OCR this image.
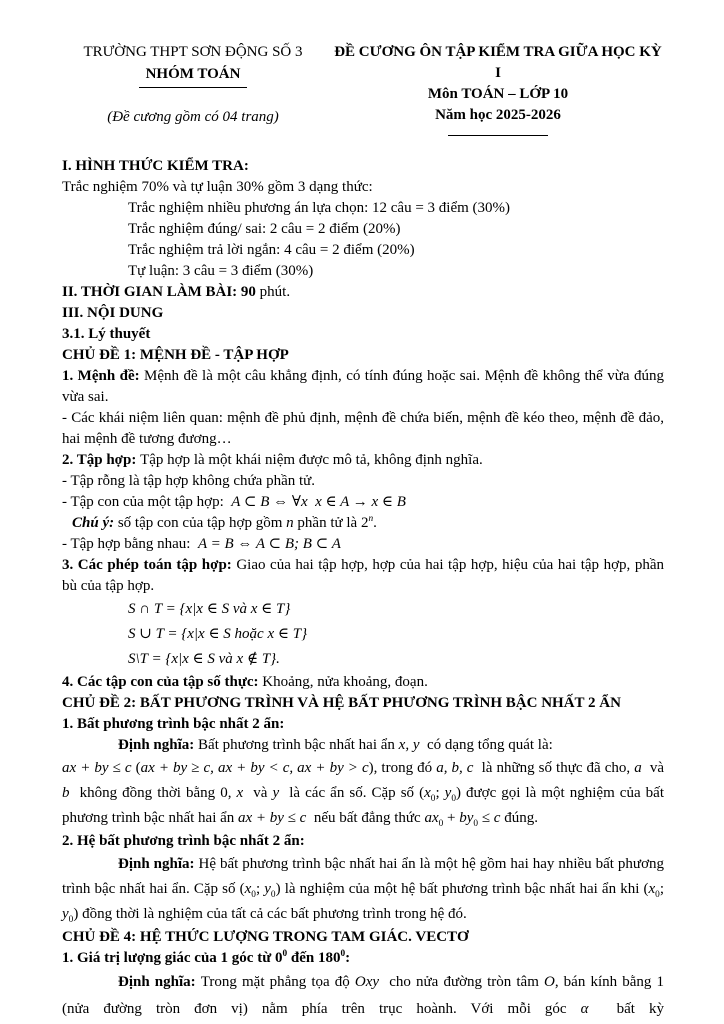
TRƯỜNG THPT SƠN ĐỘNG SỐ 3
NHÓM TOÁN
(Đề cương gồm có 04 trang)
ĐỀ CƯƠNG ÔN TẬP KIỂM TRA GIỮA HỌC KỲ I
Môn TOÁN – LỚP 10
Năm học 2025-2026

I. HÌNH THỨC KIỂM TRA:

Trắc nghiệm 70% và tự luận 30% gồm 3 dạng thức:

Trắc nghiệm nhiều phương án lựa chọn: 12 câu = 3 điểm (30%)

Trắc nghiệm đúng/ sai: 2 câu = 2 điểm (20%)

Trắc nghiệm trả lời ngắn: 4 câu = 2 điểm (20%)

Tự luận: 3 câu = 3 điểm (30%)

II. THỜI GIAN LÀM BÀI: 90 phút.

III. NỘI DUNG

3.1. Lý thuyết

CHỦ ĐỀ 1: MỆNH ĐỀ - TẬP HỢP

1. Mệnh đề: Mệnh đề là một câu khẳng định, có tính đúng hoặc sai. Mệnh đề không thể vừa đúng vừa sai.

- Các khái niệm liên quan: mệnh đề phủ định, mệnh đề chứa biến, mệnh đề kéo theo, mệnh đề đảo, hai mệnh đề tương đương…

2. Tập hợp: Tập hợp là một khái niệm được mô tả, không định nghĩa.

- Tập rỗng là tập hợp không chứa phần tử.

- Tập con của một tập hợp:  A ⊂ B ⇔ ∀x  x ∈ A → x ∈ B

Chú ý: số tập con của tập hợp gồm n phần tử là 2$^n$.

- Tập hợp bằng nhau:  A = B ⇔ A ⊂ B; B ⊂ A

3. Các phép toán tập hợp: Giao của hai tập hợp, hợp của hai tập hợp, hiệu của hai tập hợp, phần bù của tập hợp.

S ∩ T = {x|x ∈ S và x ∈ T}

S ∪ T = {x|x ∈ S hoặc x ∈ T}

S\T = {x|x ∈ S và x ∉ T}.

4. Các tập con của tập số thực: Khoảng, nửa khoảng, đoạn.

CHỦ ĐỀ 2: BẤT PHƯƠNG TRÌNH VÀ HỆ BẤT PHƯƠNG TRÌNH BẬC NHẤT 2 ẨN

1. Bất phương trình bậc nhất 2 ẩn:

Định nghĩa: Bất phương trình bậc nhất hai ẩn x, y  có dạng tổng quát là:

ax + by ≤ c (ax + by ≥ c, ax + by < c, ax + by > c), trong đó a, b, c  là những số thực đã cho, a  và b  không đồng thời bằng 0, x  và y  là các ẩn số. Cặp số ($x_0$; $y_0$) được gọi là một nghiệm của bất phương trình bậc nhất hai ẩn ax + by ≤ c  nếu bất đẳng thức $ax_0 + by_0 \le c$ đúng.

2. Hệ bất phương trình bậc nhất 2 ẩn:

Định nghĩa: Hệ bất phương trình bậc nhất hai ẩn là một hệ gồm hai hay nhiều bất phương trình bậc nhất hai ẩn. Cặp số ($x_0$; $y_0$) là nghiệm của một hệ bất phương trình bậc nhất hai ẩn khi ($x_0$; $y_0$) đồng thời là nghiệm của tất cả các bất phương trình trong hệ đó.

CHỦ ĐỀ 4: HỆ THỨC LƯỢNG TRONG TAM GIÁC. VECTƠ

1. Giá trị lượng giác của 1 góc từ $0^0$ đến $180^0$:

Định nghĩa: Trong mặt phẳng tọa độ Oxy  cho nửa đường tròn tâm O, bán kính bằng 1 (nửa đường tròn đơn vị) nằm phía trên trục hoành. Với mỗi góc α  bất kỳ
